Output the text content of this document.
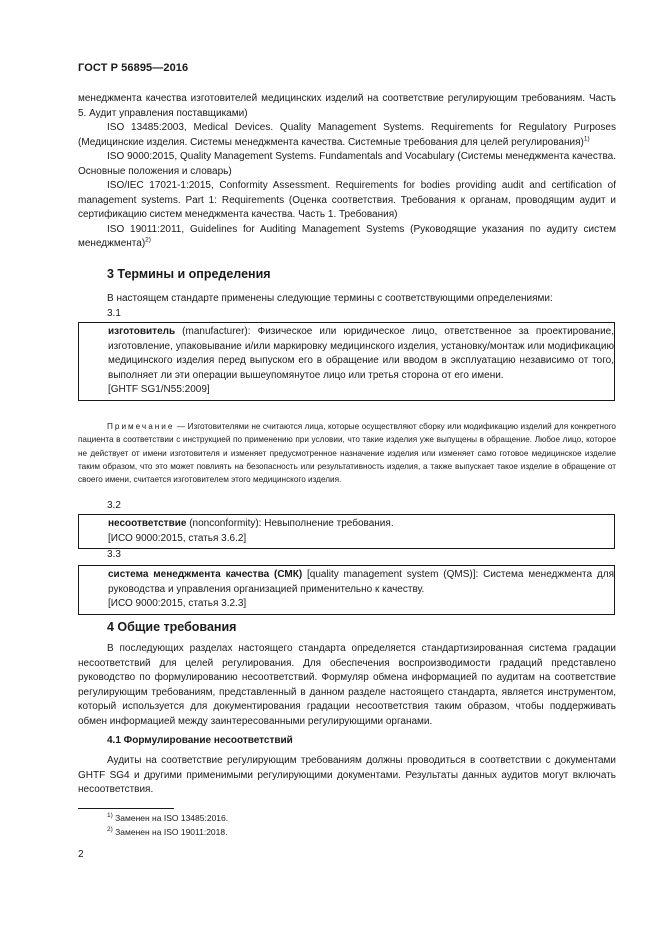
ГОСТ Р 56895—2016

менеджмента качества изготовителей медицинских изделий на соответствие регулирующим требованиям. Часть 5. Аудит управления поставщиками)

ISO 13485:2003, Medical Devices. Quality Management Systems. Requirements for Regulatory Purposes (Медицинские изделия. Системы менеджмента качества. Системные требования для целей регулирования)$^{1)}$

ISO 9000:2015, Quality Management Systems. Fundamentals and Vocabulary (Системы менеджмента качества. Основные положения и словарь)

ISO/IEC 17021-1:2015, Conformity Assessment. Requirements for bodies providing audit and certification of management systems. Part 1: Requirements (Оценка соответствия. Требования к органам, проводящим аудит и сертификацию систем менеджмента качества. Часть 1. Требования)

ISO 19011:2011, Guidelines for Auditing Management Systems (Руководящие указания по аудиту систем менеджмента)$^{2)}$

3 Термины и определения

В настоящем стандарте применены следующие термины с соответствующими определениями:

3.1

изготовитель (manufacturer): Физическое или юридическое лицо, ответственное за проектирование, изготовление, упаковывание и/или маркировку медицинского изделия, установку/монтаж или модификацию медицинского изделия перед выпуском его в обращение или вводом в эксплуатацию независимо от того, выполняет ли эти операции вышеупомянутое лицо или третья сторона от его имени.

[GHTF SG1/N55:2009]

Примечание — Изготовителями не считаются лица, которые осуществляют сборку или модификацию изделий для конкретного пациента в соответствии с инструкцией по применению при условии, что такие изделия уже выпущены в обращение. Любое лицо, которое не действует от имени изготовителя и изменяет предусмотренное назначение изделия или изменяет само готовое медицинское изделие таким образом, что это может повлиять на безопасность или результативность изделия, а также выпускает такое изделие в обращение от своего имени, считается изготовителем этого медицинского изделия.
3.2

несоответствие (nonconformity): Невыполнение требования.

[ИСО 9000:2015, статья 3.6.2]

3.3

система менеджмента качества (СМК) [quality management system (QMS)]: Система менеджмента для руководства и управления организацией применительно к качеству.

[ИСО 9000:2015, статья 3.2.3]

4 Общие требования

В последующих разделах настоящего стандарта определяется стандартизированная система градации несоответствий для целей регулирования. Для обеспечения воспроизводимости градаций представлено руководство по формулированию несоответствий. Формуляр обмена информацией по аудитам на соответствие регулирующим требованиям, представленный в данном разделе настоящего стандарта, является инструментом, который используется для документирования градации несоответствия таким образом, чтобы поддерживать обмен информацией между заинтересованными регулирующими органами.

4.1 Формулирование несоответствий

Аудиты на соответствие регулирующим требованиям должны проводиться в соответствии с документами GHTF SG4 и другими применимыми регулирующими документами. Результаты данных аудитов могут включать несоответствия.

$^{1)}$ Заменен на ISO 13485:2016.
$^{2)}$ Заменен на ISO 19011:2018.
2
